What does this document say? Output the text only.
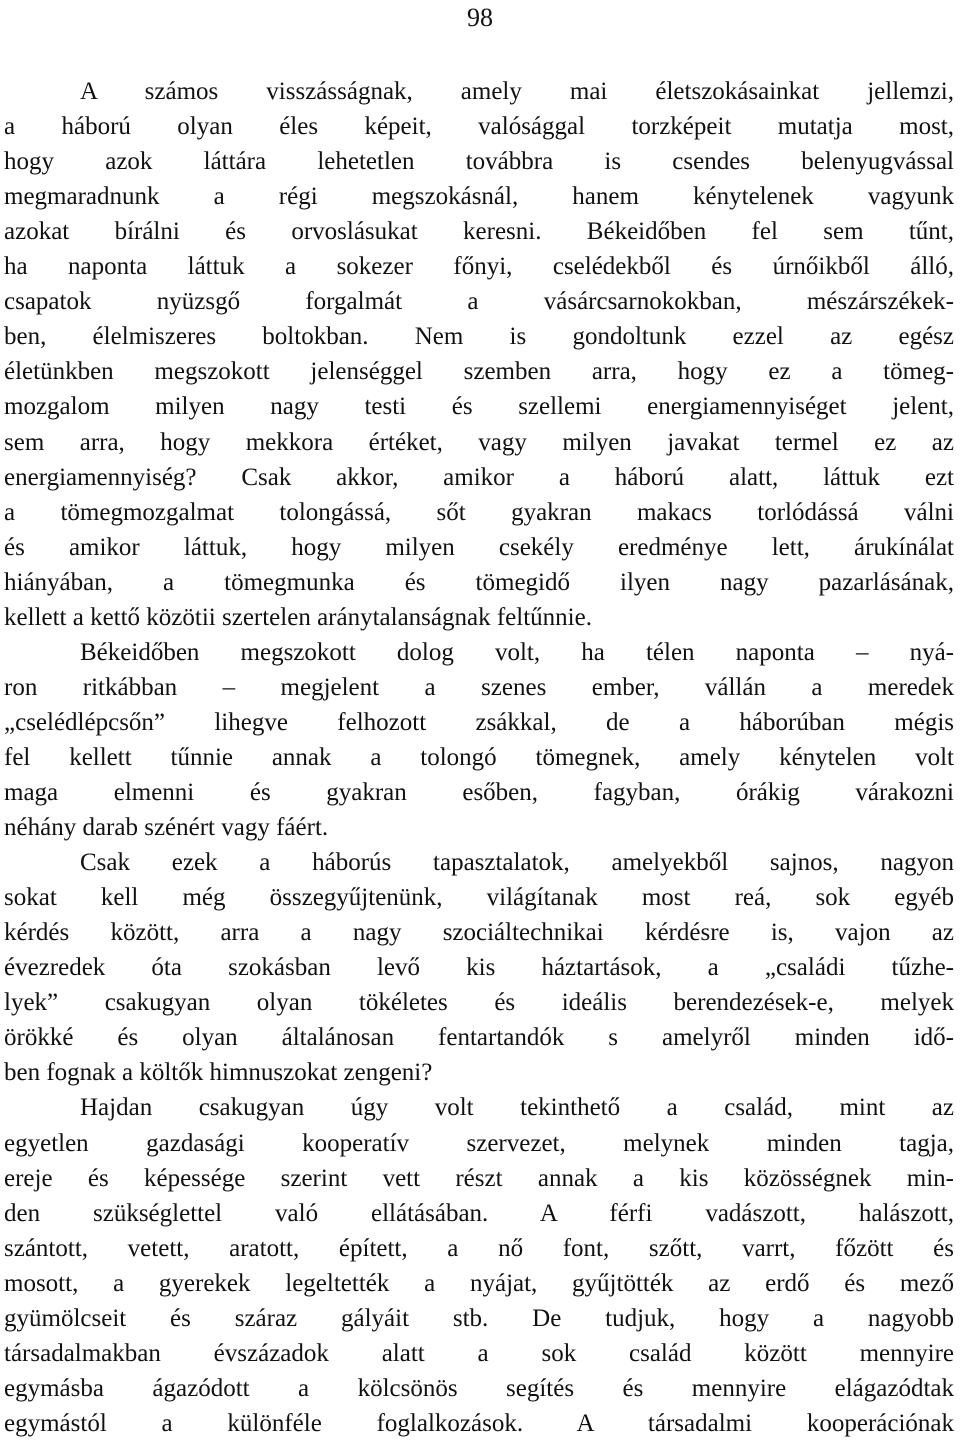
98
A számos visszásságnak, amely mai életszokásainkat jellemzi,
a háború olyan éles képeit, valósággal torzképeit mutatja most,
hogy azok láttára lehetetlen továbbra is csendes belenyugvással
megmaradnunk a régi megszokásnál, hanem kénytelenek vagyunk
azokat bírálni és orvoslásukat keresni. Békeidőben fel sem tűnt,
ha naponta láttuk a sokezer főnyi, cselédekből és úrnőikből álló,
csapatok nyüzsgő forgalmát a vásárcsarnokokban, mészárszékek-
ben, élelmiszeres boltokban. Nem is gondoltunk ezzel az egész
életünkben megszokott jelenséggel szemben arra, hogy ez a tömeg-
mozgalom milyen nagy testi és szellemi energiamennyiséget jelent,
sem arra, hogy mekkora értéket, vagy milyen javakat termel ez az
energiamennyiség? Csak akkor, amikor a háború alatt, láttuk ezt
a tömegmozgalmat tolongássá, sőt gyakran makacs torlódássá válni
és amikor láttuk, hogy milyen csekély eredménye lett, árukínálat
hiányában, a tömegmunka és tömegidő ilyen nagy pazarlásának,
kellett a kettő közötii szertelen aránytalanságnak feltűnnie.
Békeidőben megszokott dolog volt, ha télen naponta – nyá-
ron ritkábban – megjelent a szenes ember, vállán a meredek
„cselédlépcsőn” lihegve felhozott zsákkal, de a háborúban mégis
fel kellett tűnnie annak a tolongó tömegnek, amely kénytelen volt
maga elmenni és gyakran esőben, fagyban, órákig várakozni
néhány darab szénért vagy fáért.
Csak ezek a háborús tapasztalatok, amelyekből sajnos, nagyon
sokat kell még összegyűjtenünk, világítanak most reá, sok egyéb
kérdés között, arra a nagy szociáltechnikai kérdésre is, vajon az
évezredek óta szokásban levő kis háztartások, a „családi tűzhe-
lyek” csakugyan olyan tökéletes és ideális berendezések-e, melyek
örökké és olyan általánosan fentartandók s amelyről minden idő-
ben fognak a költők himnuszokat zengeni?
Hajdan csakugyan úgy volt tekinthető a család, mint az
egyetlen gazdasági kooperatív szervezet, melynek minden tagja,
ereje és képessége szerint vett részt annak a kis közösségnek min-
den szükséglettel való ellátásában. A férfi vadászott, halászott,
szántott, vetett, aratott, épített, a nő font, szőtt, varrt, főzött és
mosott, a gyerekek legeltették a nyájat, gyűjtötték az erdő és mező
gyümölcseit és száraz gályáit stb. De tudjuk, hogy a nagyobb
társadalmakban évszázadok alatt a sok család között mennyire
egymásba ágazódott a kölcsönös segítés és mennyire elágazódtak
egymástól a különféle foglalkozások. A társadalmi kooperációnak
